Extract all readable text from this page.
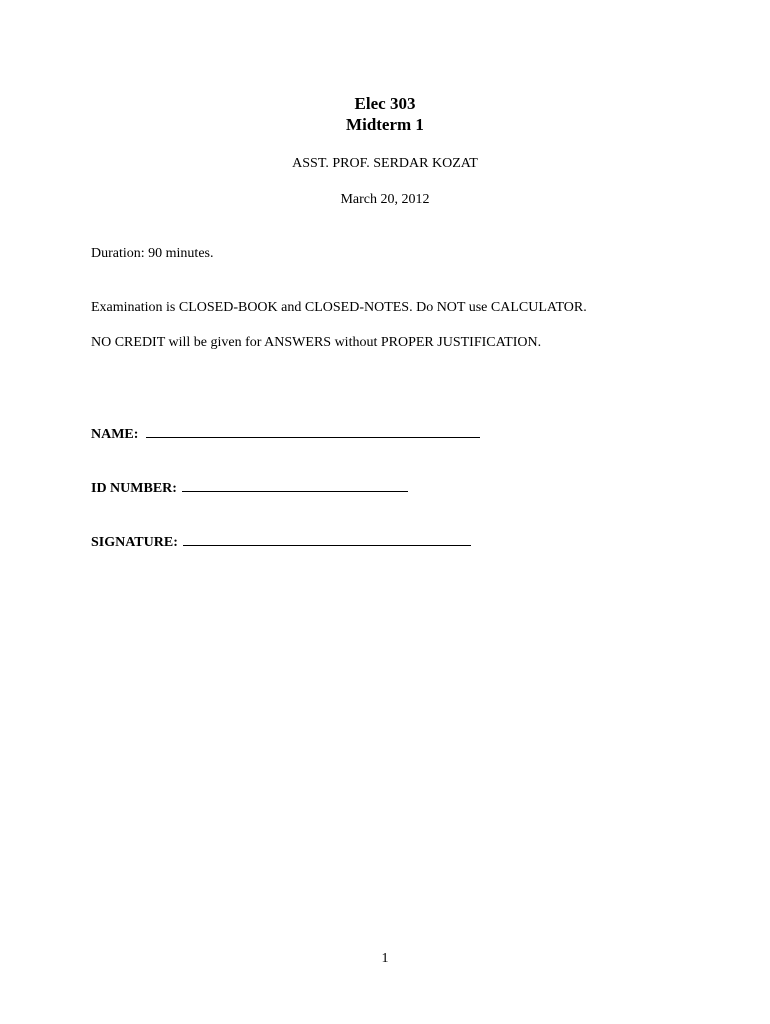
Elec 303
Midterm 1
ASST. PROF. SERDAR KOZAT
March 20, 2012
Duration: 90 minutes.
Examination is CLOSED-BOOK and CLOSED-NOTES. Do NOT use CALCULATOR.
NO CREDIT will be given for ANSWERS without PROPER JUSTIFICATION.
NAME:
ID NUMBER:
SIGNATURE:
1
